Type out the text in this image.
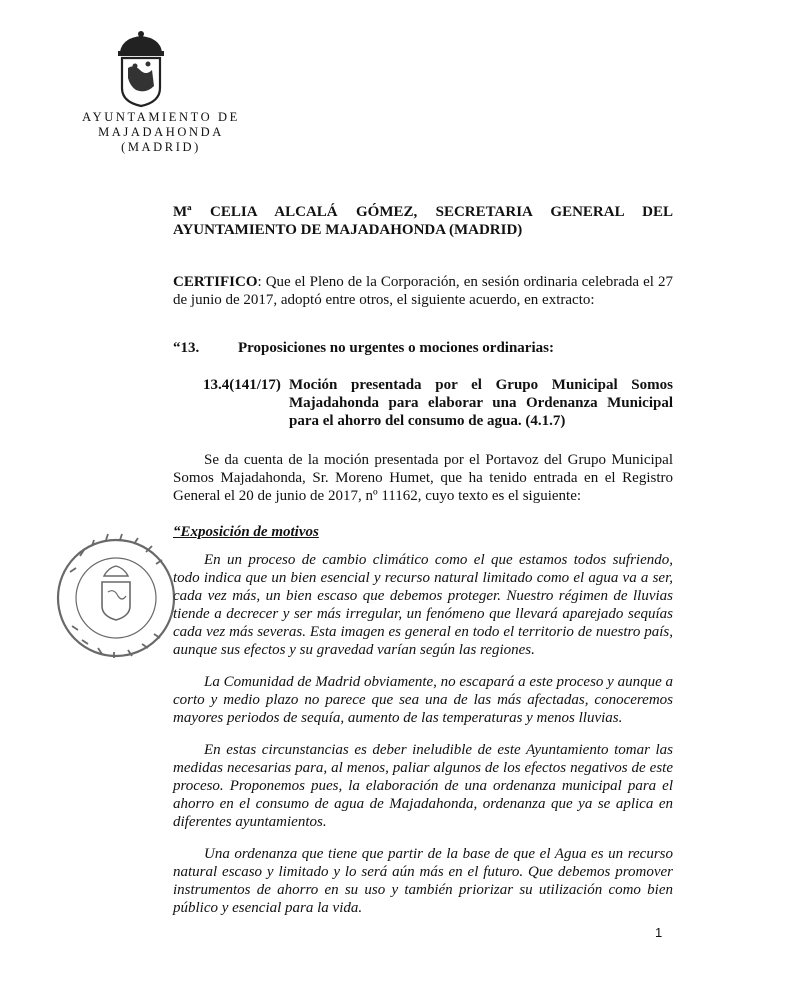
AYUNTAMIENTO DE
MAJADAHONDA
(MADRID)
Mª CELIA ALCALÁ GÓMEZ, SECRETARIA GENERAL DEL
AYUNTAMIENTO DE MAJADAHONDA (MADRID)
CERTIFICO: Que el Pleno de la Corporación, en sesión ordinaria celebrada el 27 de junio de 2017, adoptó entre otros, el siguiente acuerdo, en extracto:
“13.	Proposiciones no urgentes o mociones ordinarias:
13.4(141/17) Moción presentada por el Grupo Municipal Somos Majadahonda para elaborar una Ordenanza Municipal para el ahorro del consumo de agua. (4.1.7)
Se da cuenta de la moción presentada por el Portavoz del Grupo Municipal Somos Majadahonda, Sr. Moreno Humet, que ha tenido entrada en el Registro General el 20 de junio de 2017, nº 11162, cuyo texto es el siguiente:
“Exposición de motivos
En un proceso de cambio climático como el que estamos todos sufriendo, todo indica que un bien esencial y recurso natural limitado como el agua va a ser, cada vez más, un bien escaso que debemos proteger. Nuestro régimen de lluvias tiende a decrecer y ser más irregular, un fenómeno que llevará aparejado sequías cada vez más severas. Esta imagen es general en todo el territorio de nuestro país, aunque sus efectos y su gravedad varían según las regiones.
La Comunidad de Madrid obviamente, no escapará a este proceso y aunque a corto y medio plazo no parece que sea una de las más afectadas, conoceremos mayores periodos de sequía, aumento de las temperaturas y menos lluvias.
En estas circunstancias es deber ineludible de este Ayuntamiento tomar las medidas necesarias para, al menos, paliar algunos de los efectos negativos de este proceso. Proponemos pues, la elaboración de una ordenanza municipal para el ahorro en el consumo de agua de Majadahonda, ordenanza que ya se aplica en diferentes ayuntamientos.
Una ordenanza que tiene que partir de la base de que el Agua es un recurso natural escaso y limitado y lo será aún más en el futuro. Que debemos promover instrumentos de ahorro en su uso y también priorizar su utilización como bien público y esencial para la vida.
1
